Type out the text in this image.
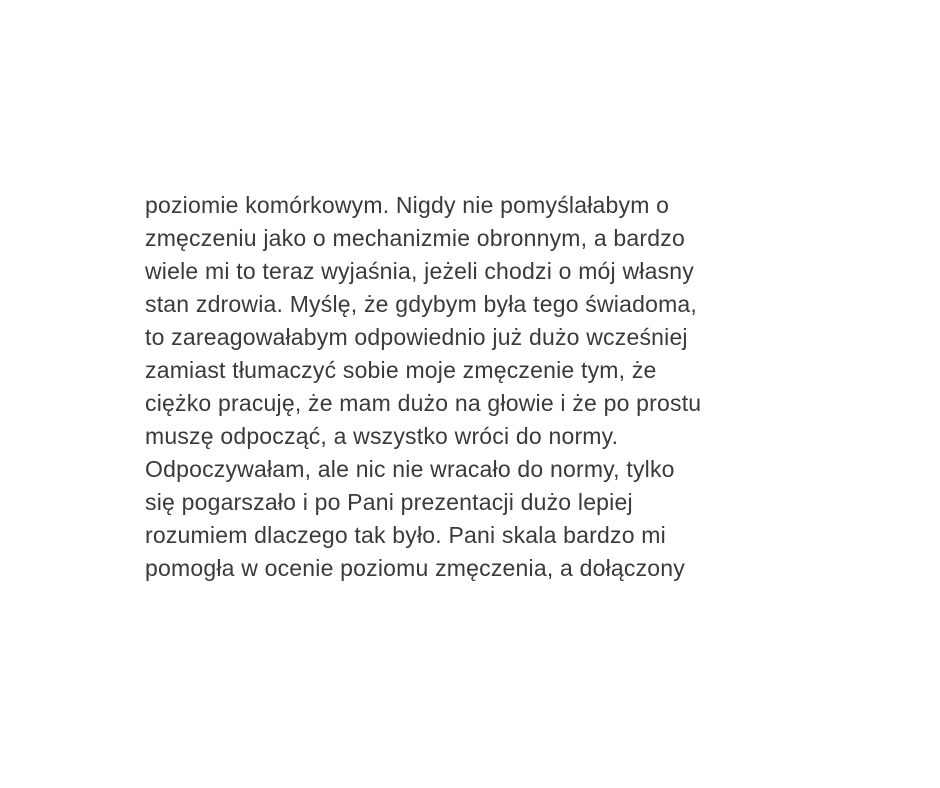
poziomie komórkowym. Nigdy nie pomyślałabym o
zmęczeniu jako o mechanizmie obronnym, a bardzo
wiele mi to teraz wyjaśnia, jeżeli chodzi o mój własny
stan zdrowia. Myślę, że gdybym była tego świadoma,
to zareagowałabym odpowiednio już dużo wcześniej
zamiast tłumaczyć sobie moje zmęczenie tym, że
ciężko pracuję, że mam dużo na głowie i że po prostu
muszę odpocząć, a wszystko wróci do normy.
Odpoczywałam, ale nic nie wracało do normy, tylko
się pogarszało i po Pani prezentacji dużo lepiej
rozumiem dlaczego tak było. Pani skala bardzo mi
pomogła w ocenie poziomu zmęczenia, a dołączony
